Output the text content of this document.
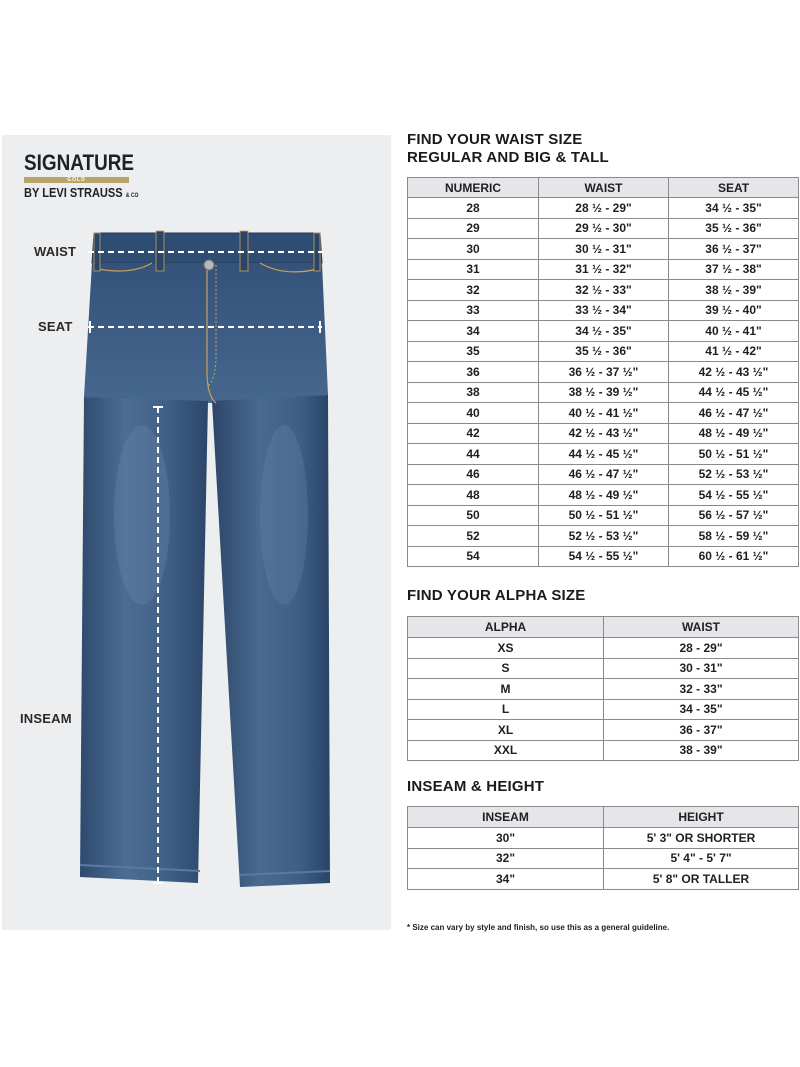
SIGNATURE
GOLD
BY LEVI STRAUSS & CO
WAIST
SEAT
INSEAM
FIND YOUR WAIST SIZE
REGULAR AND BIG & TALL
NUMERIC	WAIST	SEAT
28	28 ½ - 29"	34 ½ - 35"
29	29 ½ - 30"	35 ½ - 36"
30	30 ½ - 31"	36 ½ - 37"
31	31 ½ - 32"	37 ½ - 38"
32	32 ½ - 33"	38 ½ - 39"
33	33 ½ - 34"	39 ½ - 40"
34	34 ½ - 35"	40 ½ - 41"
35	35 ½ - 36"	41 ½ - 42"
36	36 ½ - 37 ½"	42 ½ - 43 ½"
38	38 ½ - 39 ½"	44 ½ - 45 ½"
40	40 ½ - 41 ½"	46 ½ - 47 ½"
42	42 ½ - 43 ½"	48 ½ - 49 ½"
44	44 ½ - 45 ½"	50 ½ - 51 ½"
46	46 ½ - 47 ½"	52 ½ - 53 ½"
48	48 ½ - 49 ½"	54 ½ - 55 ½"
50	50 ½ - 51 ½"	56 ½ - 57 ½"
52	52 ½ - 53 ½"	58 ½ - 59 ½"
54	54 ½ - 55 ½"	60 ½ - 61 ½"
FIND YOUR ALPHA SIZE
ALPHA	WAIST
XS	28 - 29"
S	30 - 31"
M	32 - 33"
L	34 - 35"
XL	36 - 37"
XXL	38 - 39"
INSEAM & HEIGHT
INSEAM	HEIGHT
30"	5' 3" OR SHORTER
32"	5' 4" - 5' 7"
34"	5' 8" OR TALLER
* Size can vary by style and finish, so use this as a general guideline.
